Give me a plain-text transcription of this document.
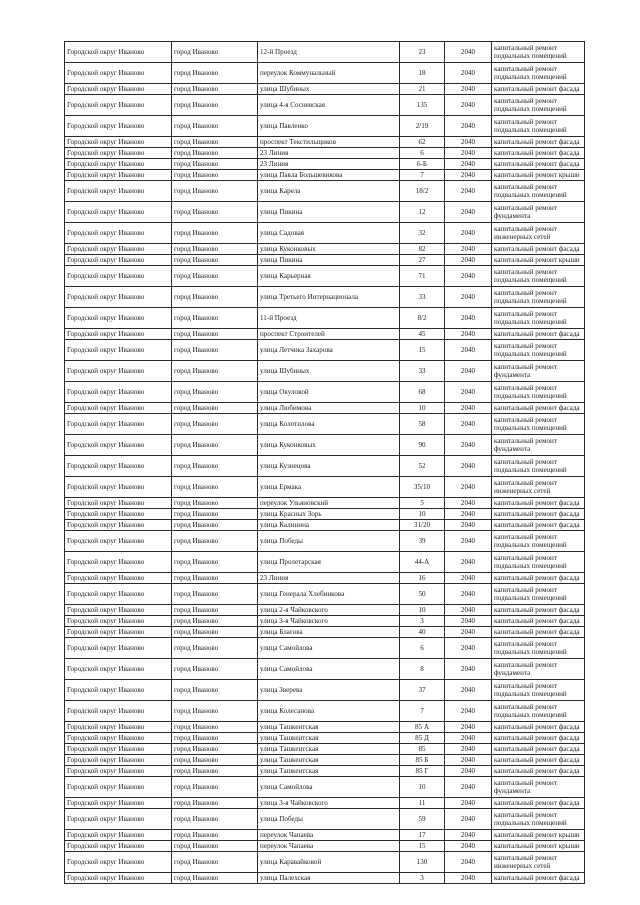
Городской округ Иваново	город Иваново	12-й Проезд	23	2040	капитальный ремонт подвальных помещений
Городской округ Иваново	город Иваново	переулок Коммунальный	18	2040	капитальный ремонт подвальных помещений
Городской округ Иваново	город Иваново	улица Шубиных	21	2040	капитальный ремонт фасада
Городской округ Иваново	город Иваново	улица 4-я Сосневская	135	2040	капитальный ремонт подвальных помещений
Городской округ Иваново	город Иваново	улица Павленко	2/19	2040	капитальный ремонт подвальных помещений
Городской округ Иваново	город Иваново	проспект Текстильщиков	62	2040	капитальный ремонт фасада
Городской округ Иваново	город Иваново	23 Линия	6	2040	капитальный ремонт фасада
Городской округ Иваново	город Иваново	23 Линия	6-Б	2040	капитальный ремонт фасада
Городской округ Иваново	город Иваново	улица Павла Большевикова	7	2040	капитальный ремонт крыши
Городской округ Иваново	город Иваново	улица Карела	18/2	2040	капитальный ремонт подвальных помещений
Городской округ Иваново	город Иваново	улица Пикина	12	2040	капитальный ремонт фундамента
Городской округ Иваново	город Иваново	улица Садовая	32	2040	капитальный ремонт инженерных сетей
Городской округ Иваново	город Иваново	улица Куконковых	82	2040	капитальный ремонт фасада
Городской округ Иваново	город Иваново	улица Пикина	27	2040	капитальный ремонт крыши
Городской округ Иваново	город Иваново	улица Карьерная	71	2040	капитальный ремонт подвальных помещений
Городской округ Иваново	город Иваново	улица Третьего Интернационала	33	2040	капитальный ремонт подвальных помещений
Городской округ Иваново	город Иваново	11-й Проезд	8/2	2040	капитальный ремонт подвальных помещений
Городской округ Иваново	город Иваново	проспект Строителей	45	2040	капитальный ремонт фасада
Городской округ Иваново	город Иваново	улица Летчика Захарова	15	2040	капитальный ремонт подвальных помещений
Городской округ Иваново	город Иваново	улица Шубиных	33	2040	капитальный ремонт фундамента
Городской округ Иваново	город Иваново	улица Окуловой	68	2040	капитальный ремонт подвальных помещений
Городской округ Иваново	город Иваново	улица Любимова	10	2040	капитальный ремонт фасада
Городской округ Иваново	город Иваново	улица Колотилова	58	2040	капитальный ремонт подвальных помещений
Городской округ Иваново	город Иваново	улица Куконковых	90	2040	капитальный ремонт фундамента
Городской округ Иваново	город Иваново	улица Кузнецова	52	2040	капитальный ремонт подвальных помещений
Городской округ Иваново	город Иваново	улица Ермака	35/10	2040	капитальный ремонт инженерных сетей
Городской округ Иваново	город Иваново	переулок Ульяновский	5	2040	капитальный ремонт фасада
Городской округ Иваново	город Иваново	улица Красных Зорь	10	2040	капитальный ремонт фасада
Городской округ Иваново	город Иваново	улица Калинина	31/20	2040	капитальный ремонт фасада
Городской округ Иваново	город Иваново	улица Победы	39	2040	капитальный ремонт подвальных помещений
Городской округ Иваново	город Иваново	улица Пролетарская	44-А	2040	капитальный ремонт подвальных помещений
Городской округ Иваново	город Иваново	23 Линия	16	2040	капитальный ремонт фасада
Городской округ Иваново	город Иваново	улица Генерала Хлебникова	50	2040	капитальный ремонт подвальных помещений
Городской округ Иваново	город Иваново	улица 2-я Чайковского	10	2040	капитальный ремонт фасада
Городской округ Иваново	город Иваново	улица 3-я Чайковского	3	2040	капитальный ремонт фасада
Городской округ Иваново	город Иваново	улица Благова	40	2040	капитальный ремонт фасада
Городской округ Иваново	город Иваново	улица Самойлова	6	2040	капитальный ремонт подвальных помещений
Городской округ Иваново	город Иваново	улица Самойлова	8	2040	капитальный ремонт фундамента
Городской округ Иваново	город Иваново	улица Зверева	37	2040	капитальный ремонт подвальных помещений
Городской округ Иваново	город Иваново	улица Колесанова	7	2040	капитальный ремонт подвальных помещений
Городской округ Иваново	город Иваново	улица Ташкентская	85 А	2040	капитальный ремонт фасада
Городской округ Иваново	город Иваново	улица Ташкентская	85 Д	2040	капитальный ремонт фасада
Городской округ Иваново	город Иваново	улица Ташкентская	85	2040	капитальный ремонт фасада
Городской округ Иваново	город Иваново	улица Ташкентская	85 Б	2040	капитальный ремонт фасада
Городской округ Иваново	город Иваново	улица Ташкентская	85 Г	2040	капитальный ремонт фасада
Городской округ Иваново	город Иваново	улица Самойлова	10	2040	капитальный ремонт фундамента
Городской округ Иваново	город Иваново	улица 3-я Чайковского	11	2040	капитальный ремонт фасада
Городской округ Иваново	город Иваново	улица Победы	59	2040	капитальный ремонт подвальных помещений
Городской округ Иваново	город Иваново	переулок Чапаева	17	2040	капитальный ремонт крыши
Городской округ Иваново	город Иваново	переулок Чапаева	15	2040	капитальный ремонт крыши
Городской округ Иваново	город Иваново	улица Каравайковой	130	2040	капитальный ремонт инженерных сетей
Городской округ Иваново	город Иваново	улица Палехская	3	2040	капитальный ремонт фасада
